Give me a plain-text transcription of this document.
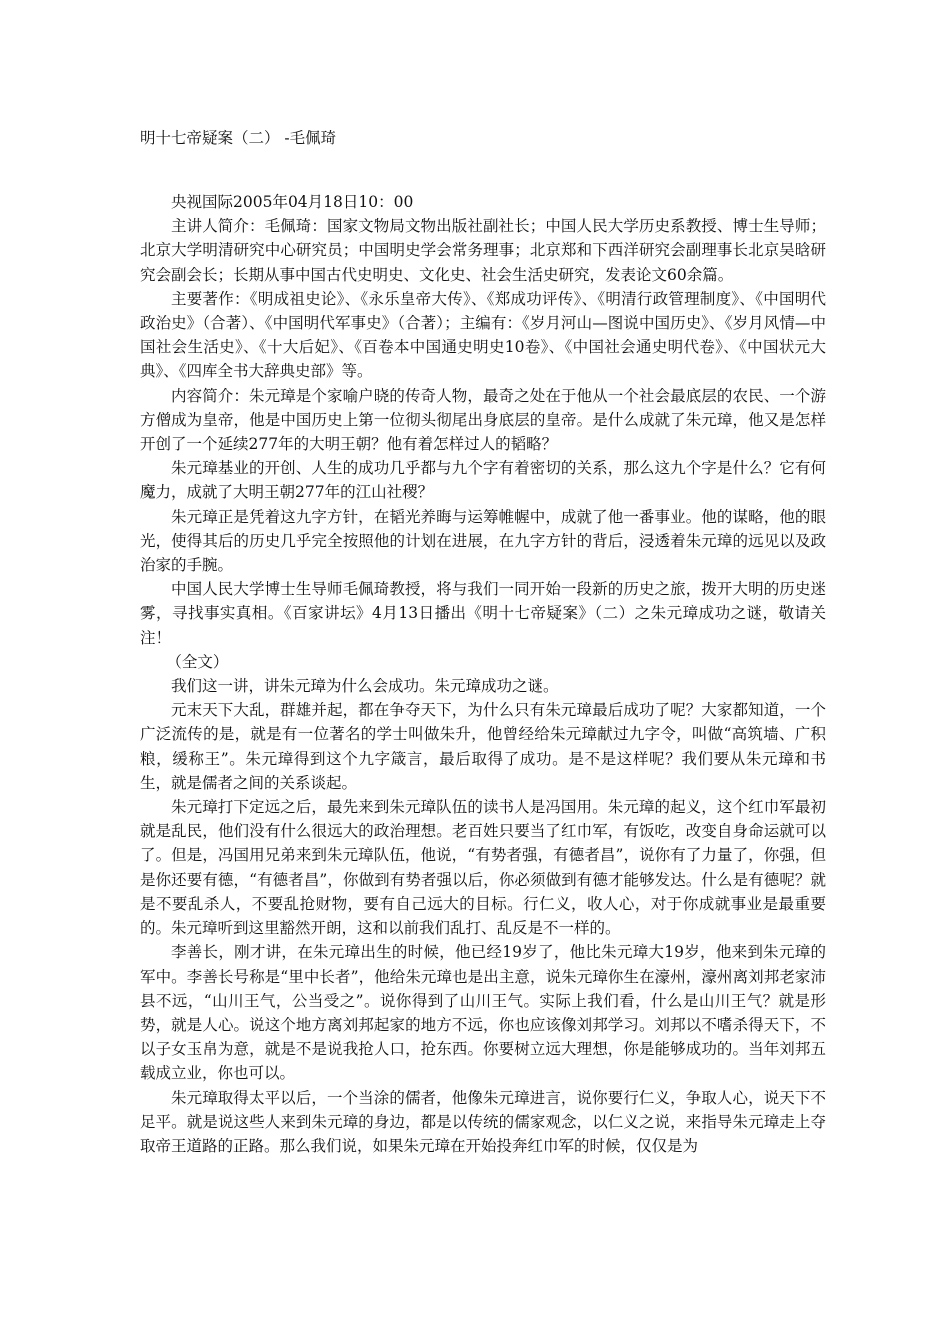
明十七帝疑案（二） -毛佩琦

央视国际2005年04月18日10：00

主讲人简介：毛佩琦：国家文物局文物出版社副社长；中国人民大学历史系教授、博士生导师；北京大学明清研究中心研究员；中国明史学会常务理事；北京郑和下西洋研究会副理事长北京吴晗研究会副会长；长期从事中国古代史明史、文化史、社会生活史研究，发表论文60余篇。

主要著作：《明成祖史论》、《永乐皇帝大传》、《郑成功评传》、《明清行政管理制度》、《中国明代政治史》（合著）、《中国明代军事史》（合著）；主编有：《岁月河山—图说中国历史》、《岁月风情—中国社会生活史》、《十大后妃》、《百卷本中国通史明史10卷》、《中国社会通史明代卷》、《中国状元大典》、《四库全书大辞典史部》等。

内容简介：朱元璋是个家喻户晓的传奇人物，最奇之处在于他从一个社会最底层的农民、一个游方僧成为皇帝，他是中国历史上第一位彻头彻尾出身底层的皇帝。是什么成就了朱元璋，他又是怎样开创了一个延续277年的大明王朝？他有着怎样过人的韬略？

朱元璋基业的开创、人生的成功几乎都与九个字有着密切的关系，那么这九个字是什么？它有何魔力，成就了大明王朝277年的江山社稷？

朱元璋正是凭着这九字方针，在韬光养晦与运筹帷幄中，成就了他一番事业。他的谋略，他的眼光，使得其后的历史几乎完全按照他的计划在进展，在九字方针的背后，浸透着朱元璋的远见以及政治家的手腕。

中国人民大学博士生导师毛佩琦教授，将与我们一同开始一段新的历史之旅，拨开大明的历史迷雾，寻找事实真相。《百家讲坛》4月13日播出《明十七帝疑案》（二）之朱元璋成功之谜，敬请关注！

（全文）

我们这一讲，讲朱元璋为什么会成功。朱元璋成功之谜。

元末天下大乱，群雄并起，都在争夺天下，为什么只有朱元璋最后成功了呢？大家都知道，一个广泛流传的是，就是有一位著名的学士叫做朱升，他曾经给朱元璋献过九字令，叫做“高筑墙、广积粮，缓称王”。朱元璋得到这个九字箴言，最后取得了成功。是不是这样呢？我们要从朱元璋和书生，就是儒者之间的关系谈起。

朱元璋打下定远之后，最先来到朱元璋队伍的读书人是冯国用。朱元璋的起义，这个红巾军最初就是乱民，他们没有什么很远大的政治理想。老百姓只要当了红巾军，有饭吃，改变自身命运就可以了。但是，冯国用兄弟来到朱元璋队伍，他说，“有势者强，有德者昌”，说你有了力量了，你强，但是你还要有德，“有德者昌”，你做到有势者强以后，你必须做到有德才能够发达。什么是有德呢？就是不要乱杀人，不要乱抢财物，要有自己远大的目标。行仁义，收人心，对于你成就事业是最重要的。朱元璋听到这里豁然开朗，这和以前我们乱打、乱反是不一样的。

李善长，刚才讲，在朱元璋出生的时候，他已经19岁了，他比朱元璋大19岁，他来到朱元璋的军中。李善长号称是“里中长者”，他给朱元璋也是出主意，说朱元璋你生在濠州，濠州离刘邦老家沛县不远，“山川王气，公当受之”。说你得到了山川王气。实际上我们看，什么是山川王气？就是形势，就是人心。说这个地方离刘邦起家的地方不远，你也应该像刘邦学习。刘邦以不嗜杀得天下，不以子女玉帛为意，就是不是说我抢人口，抢东西。你要树立远大理想，你是能够成功的。当年刘邦五载成立业，你也可以。

朱元璋取得太平以后，一个当涂的儒者，他像朱元璋进言，说你要行仁义，争取人心，说天下不足平。就是说这些人来到朱元璋的身边，都是以传统的儒家观念，以仁义之说，来指导朱元璋走上夺取帝王道路的正路。那么我们说，如果朱元璋在开始投奔红巾军的时候，仅仅是为
